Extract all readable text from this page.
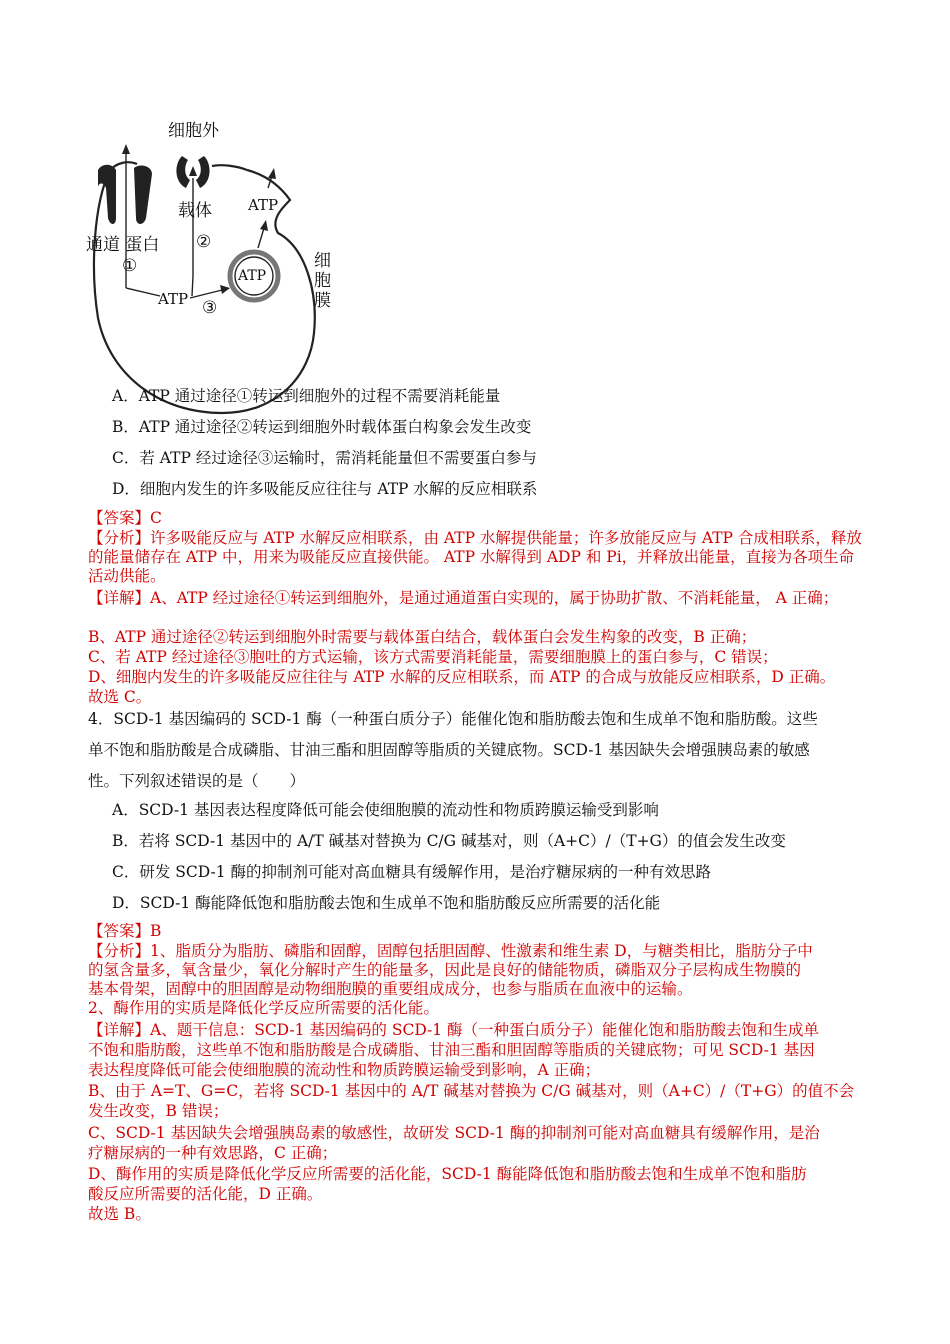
细胞外
载体
通道 蛋白
ATP
ATP
ATP
①
②
③
细
胞
膜
A．ATP 通过途径①转运到细胞外的过程不需要消耗能量
B．ATP 通过途径②转运到细胞外时载体蛋白构象会发生改变
C．若 ATP 经过途径③运输时，需消耗能量但不需要蛋白参与
D．细胞内发生的许多吸能反应往往与 ATP 水解的反应相联系
【答案】C
【分析】许多吸能反应与 ATP 水解反应相联系，由 ATP 水解提供能量；许多放能反应与 ATP 合成相联系，释放的能量储存在 ATP 中，用来为吸能反应直接供能。 ATP 水解得到 ADP 和 Pi，并释放出能量，直接为各项生命活动供能。
【详解】A、ATP 经过途径①转运到细胞外，是通过通道蛋白实现的，属于协助扩散、不消耗能量， A 正确；
B、ATP 通过途径②转运到细胞外时需要与载体蛋白结合，载体蛋白会发生构象的改变，B 正确；
C、若 ATP 经过途径③胞吐的方式运输，该方式需要消耗能量，需要细胞膜上的蛋白参与，C 错误；
D、细胞内发生的许多吸能反应往往与 ATP 水解的反应相联系，而 ATP 的合成与放能反应相联系，D 正确。
故选 C。
4．SCD-1 基因编码的 SCD-1 酶（一种蛋白质分子）能催化饱和脂肪酸去饱和生成单不饱和脂肪酸。这些
单不饱和脂肪酸是合成磷脂、甘油三酯和胆固醇等脂质的关键底物。SCD-1 基因缺失会增强胰岛素的敏感
性。下列叙述错误的是（　　）
A．SCD-1 基因表达程度降低可能会使细胞膜的流动性和物质跨膜运输受到影响
B．若将 SCD-1 基因中的 A/T 碱基对替换为 C/G 碱基对，则（A+C）/（T+G）的值会发生改变
C．研发 SCD-1 酶的抑制剂可能对高血糖具有缓解作用，是治疗糖尿病的一种有效思路
D．SCD-1 酶能降低饱和脂肪酸去饱和生成单不饱和脂肪酸反应所需要的活化能
【答案】B
【分析】1、脂质分为脂肪、磷脂和固醇，固醇包括胆固醇、性激素和维生素 D，与糖类相比，脂肪分子中
的氢含量多，氧含量少，氧化分解时产生的能量多，因此是良好的储能物质，磷脂双分子层构成生物膜的
基本骨架，固醇中的胆固醇是动物细胞膜的重要组成成分，也参与脂质在血液中的运输。
2、酶作用的实质是降低化学反应所需要的活化能。
【详解】A、题干信息：SCD-1 基因编码的 SCD-1 酶（一种蛋白质分子）能催化饱和脂肪酸去饱和生成单
不饱和脂肪酸，这些单不饱和脂肪酸是合成磷脂、甘油三酯和胆固醇等脂质的关键底物；可见 SCD-1 基因
表达程度降低可能会使细胞膜的流动性和物质跨膜运输受到影响，A 正确；
B、由于 A=T、G=C，若将 SCD-1 基因中的 A/T 碱基对替换为 C/G 碱基对，则（A+C）/（T+G）的值不会
发生改变，B 错误；
C、SCD-1 基因缺失会增强胰岛素的敏感性，故研发 SCD-1 酶的抑制剂可能对高血糖具有缓解作用，是治
疗糖尿病的一种有效思路，C 正确；
D、酶作用的实质是降低化学反应所需要的活化能，SCD-1 酶能降低饱和脂肪酸去饱和生成单不饱和脂肪
酸反应所需要的活化能，D 正确。
故选 B。
